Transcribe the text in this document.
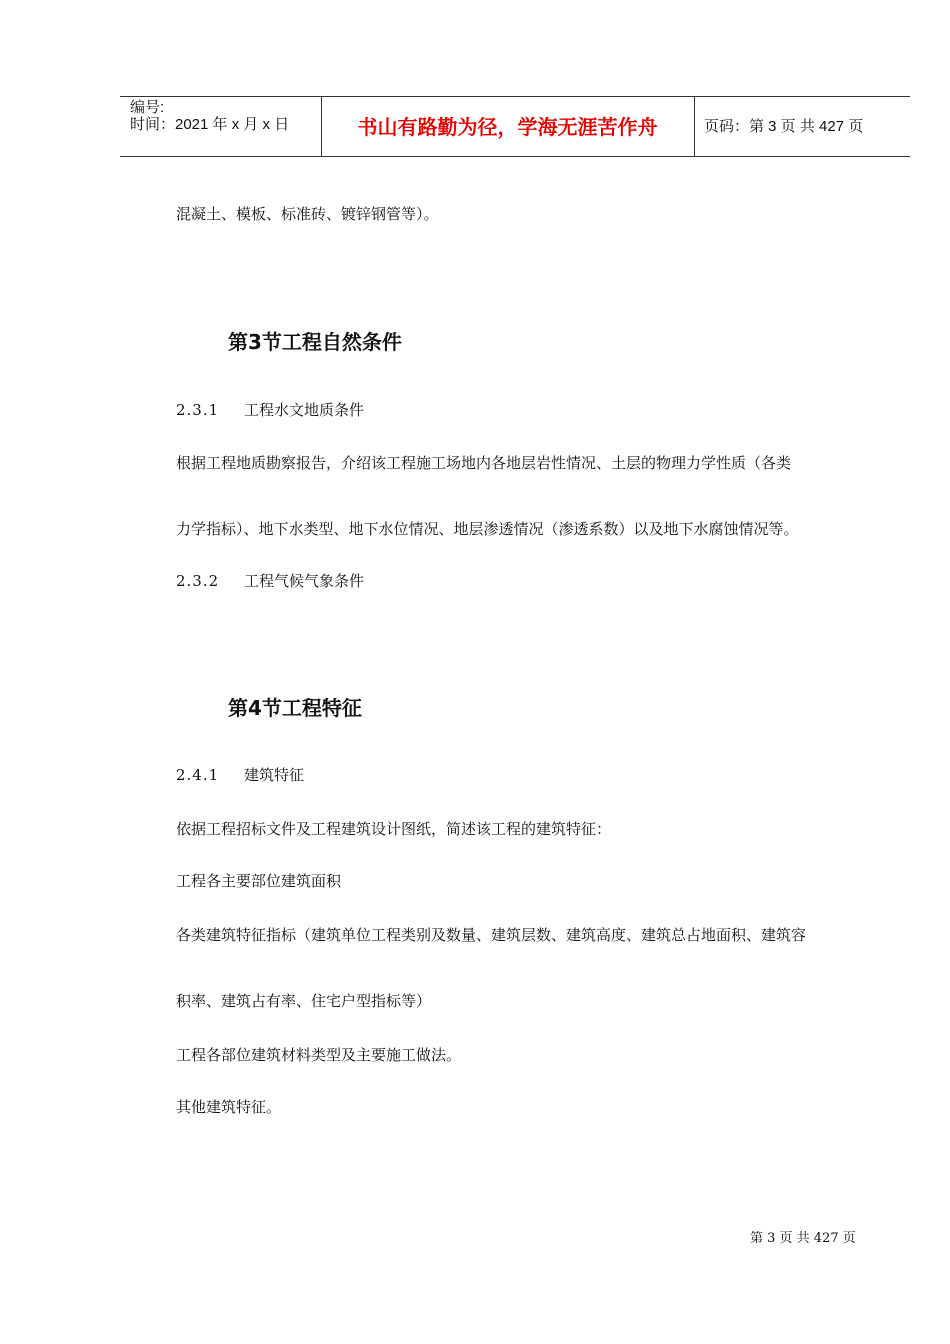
编号:
时间：2021 年 x 月 x 日	书山有路勤为径，学海无涯苦作舟	页码：第 3 页 共 427 页
混凝土、模板、标准砖、镀锌钢管等）。
第3节工程自然条件
2.3.1 工程水文地质条件
根据工程地质勘察报告，介绍该工程施工场地内各地层岩性情况、土层的物理力学性质（各类
力学指标）、地下水类型、地下水位情况、地层渗透情况（渗透系数）以及地下水腐蚀情况等。
2.3.2 工程气候气象条件
第4节工程特征
2.4.1 建筑特征
依据工程招标文件及工程建筑设计图纸，简述该工程的建筑特征：
工程各主要部位建筑面积
各类建筑特征指标（建筑单位工程类别及数量、建筑层数、建筑高度、建筑总占地面积、建筑容
积率、建筑占有率、住宅户型指标等）
工程各部位建筑材料类型及主要施工做法。
其他建筑特征。
第 3 页 共 427 页
